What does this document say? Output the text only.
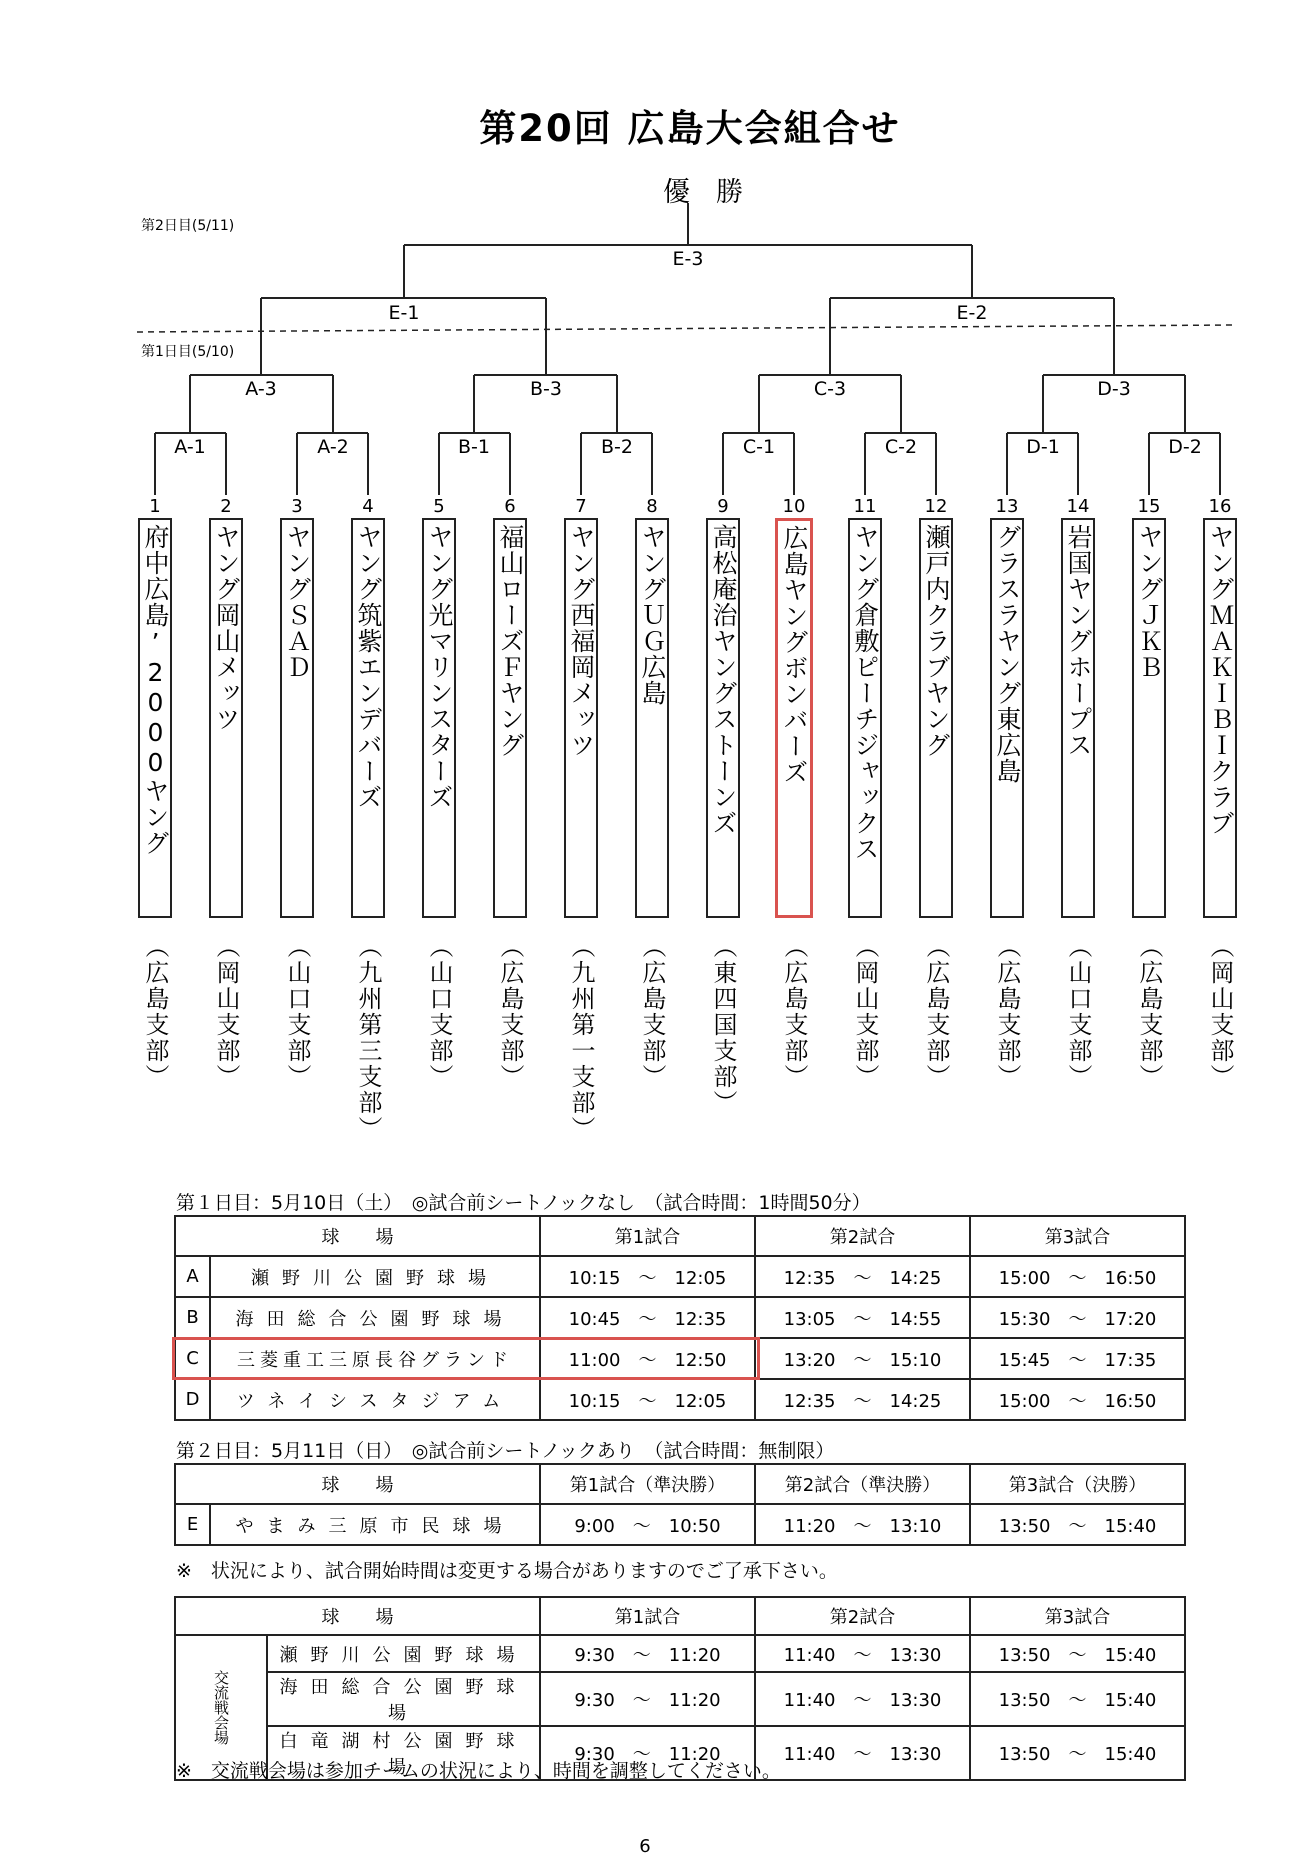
第20回 広島大会組合せ
優勝
第2日目(5/11)
第1日目(5/10)
E-3
E-1	E-2
A-3	B-3	C-3	D-3
A-1	A-2	B-1	B-2	C-1	C-2	D-1	D-2
1	2	3	4	5	6	7	8	9	10	11	12	13	14	15	16
府中広島’2000ヤング ヤング岡山メッツ ヤングＳＡＤ ヤング筑紫エンデバーズ ヤング光マリンスターズ 福山ローズＦヤング ヤング西福岡メッツ ヤングＵＧ広島 高松庵治ヤングストーンズ 広島ヤングボンバーズ ヤング倉敷ピーチジャックス 瀬戸内クラブヤング グラスラヤング東広島 岩国ヤングホープス ヤングＪＫＢ ヤングＭＡＫＩＢＩクラブ
（広島支部） （岡山支部） （山口支部） （九州第三支部） （山口支部） （広島支部） （九州第一支部） （広島支部） （東四国支部） （広島支部） （岡山支部） （広島支部） （広島支部） （山口支部） （広島支部） （岡山支部）
第１日目：5月10日（土）　◎試合前シートノックなし　（試合時間：1時間50分）
球　　場		第1試合	第2試合	第3試合
A	瀬野川公園野球場	10:15　～　12:05	12:35　～　14:25	15:00　～　16:50
B	海田総合公園野球場	10:45　～　12:35	13:05　～　14:55	15:30　～　17:20
C	三菱重工三原長谷グランド	11:00　～　12:50	13:20　～　15:10	15:45　～　17:35
D	ツネイシスタジアム	10:15　～　12:05	12:35　～　14:25	15:00　～　16:50
第２日目：5月11日（日）　◎試合前シートノックあり　（試合時間：無制限）
球　　場		第1試合（準決勝）	第2試合（準決勝）	第3試合（決勝）
E	やまみ三原市民球場	9:00　～　10:50	11:20　～　13:10	13:50　～　15:40
※　状況により、試合開始時間は変更する場合がありますのでご了承下さい。
球　　場		第1試合	第2試合	第3試合

交流戦会場	瀬野川公園野球場	9:30　～　11:20	11:40　～　13:30	13:50　～　15:40
	海田総合公園野球場	9:30　～　11:20	11:40　～　13:30	13:50　～　15:40
	白竜湖村公園野球場	9:30　～　11:20	11:40　～　13:30	13:50　～　15:40
※　交流戦会場は参加チームの状況により、時間を調整してください。
6
